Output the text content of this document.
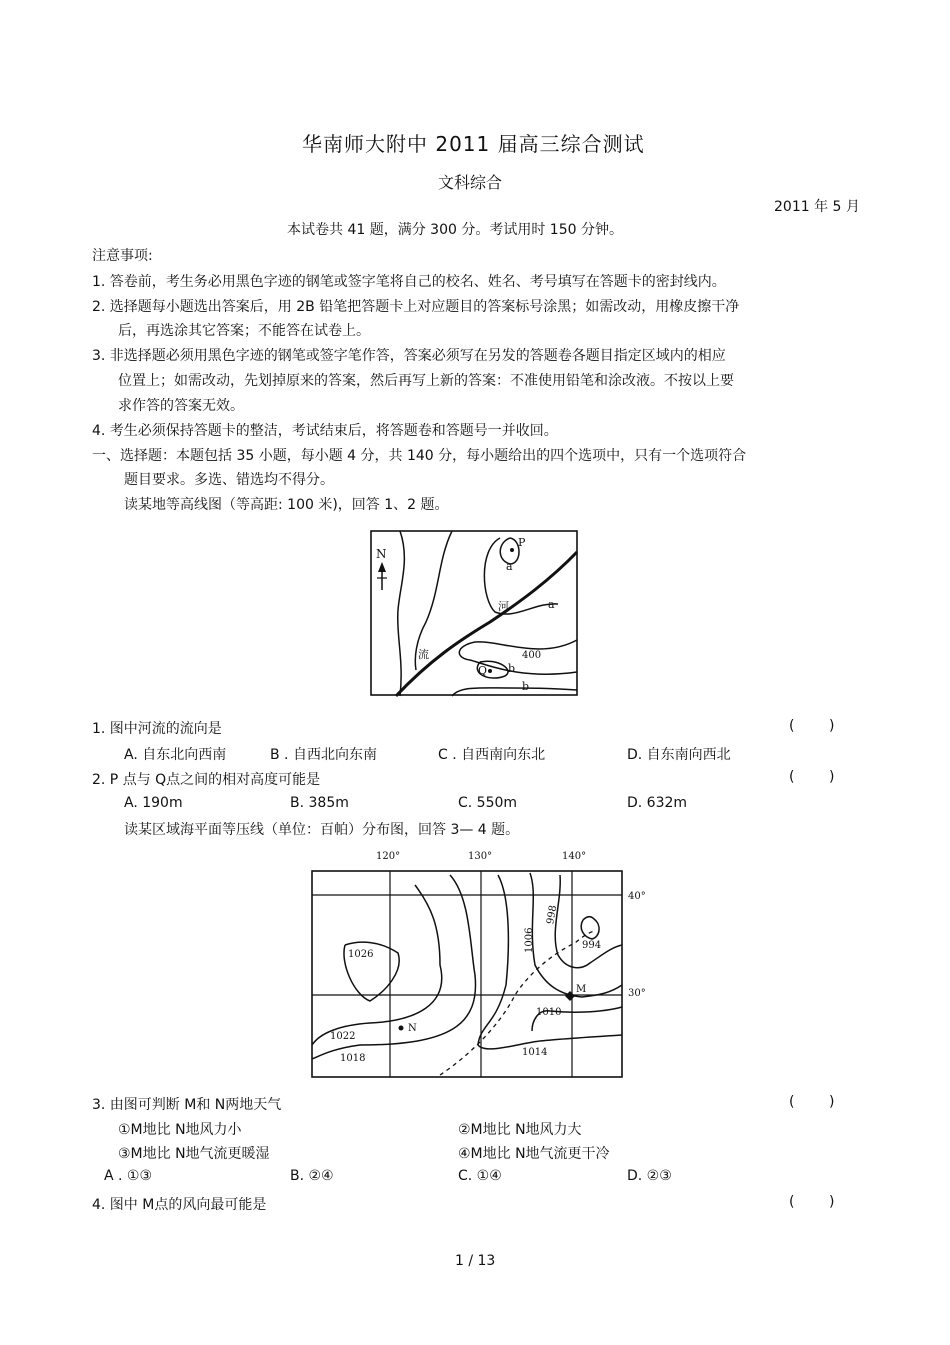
华南师大附中 2011 届高三综合测试
文科综合
2011 年 5 月
本试卷共 41 题，满分 300 分。考试用时 150 分钟。
注意事项:
1. 答卷前，考生务必用黑色字迹的钢笔或签字笔将自己的校名、姓名、考号填写在答题卡的密封线内。
2. 选择题每小题选出答案后，用 2B 铅笔把答题卡上对应题目的答案标号涂黑；如需改动，用橡皮擦干净
后，再选涂其它答案；不能答在试卷上。
3. 非选择题必须用黑色字迹的钢笔或签字笔作答，答案必须写在另发的答题卷各题目指定区域内的相应
位置上；如需改动，先划掉原来的答案，然后再写上新的答案：不准使用铅笔和涂改液。不按以上要
求作答的答案无效。
4. 考生必须保持答题卡的整洁，考试结束后，将答题卷和答题号一并收回。
一、选择题：本题包括 35 小题，每小题 4 分，共 140 分，每小题给出的四个选项中，只有一个选项符合
题目要求。多选、错选均不得分。
读某地等高线图（等高距: 100 米)，回答 1、2 题。
N
P
a
河	a
流	400
Q b
b
1. 图中河流的流向是	( )
A. 自东北向西南	B . 自西北向东南	C . 自西南向东北	D. 自东南向西北
2. P 点与 Q点之间的相对高度可能是	( )
A. 190m	B. 385m	C. 550m	D. 632m
读某区域海平面等压线（单位：百帕）分布图，回答 3— 4 题。
120°	130°	140°
40°
30°
1026
998
1006	994
1010
1014
1022
1018
M
N
3. 由图可判断 M和 N两地天气	( )
①M地比 N地风力小	②M地比 N地风力大
③M地比 N地气流更暖湿	④M地比 N地气流更干冷
A . ①③	B. ②④	C. ①④	D. ②③
4. 图中 M点的风向最可能是	( )
1 / 13
